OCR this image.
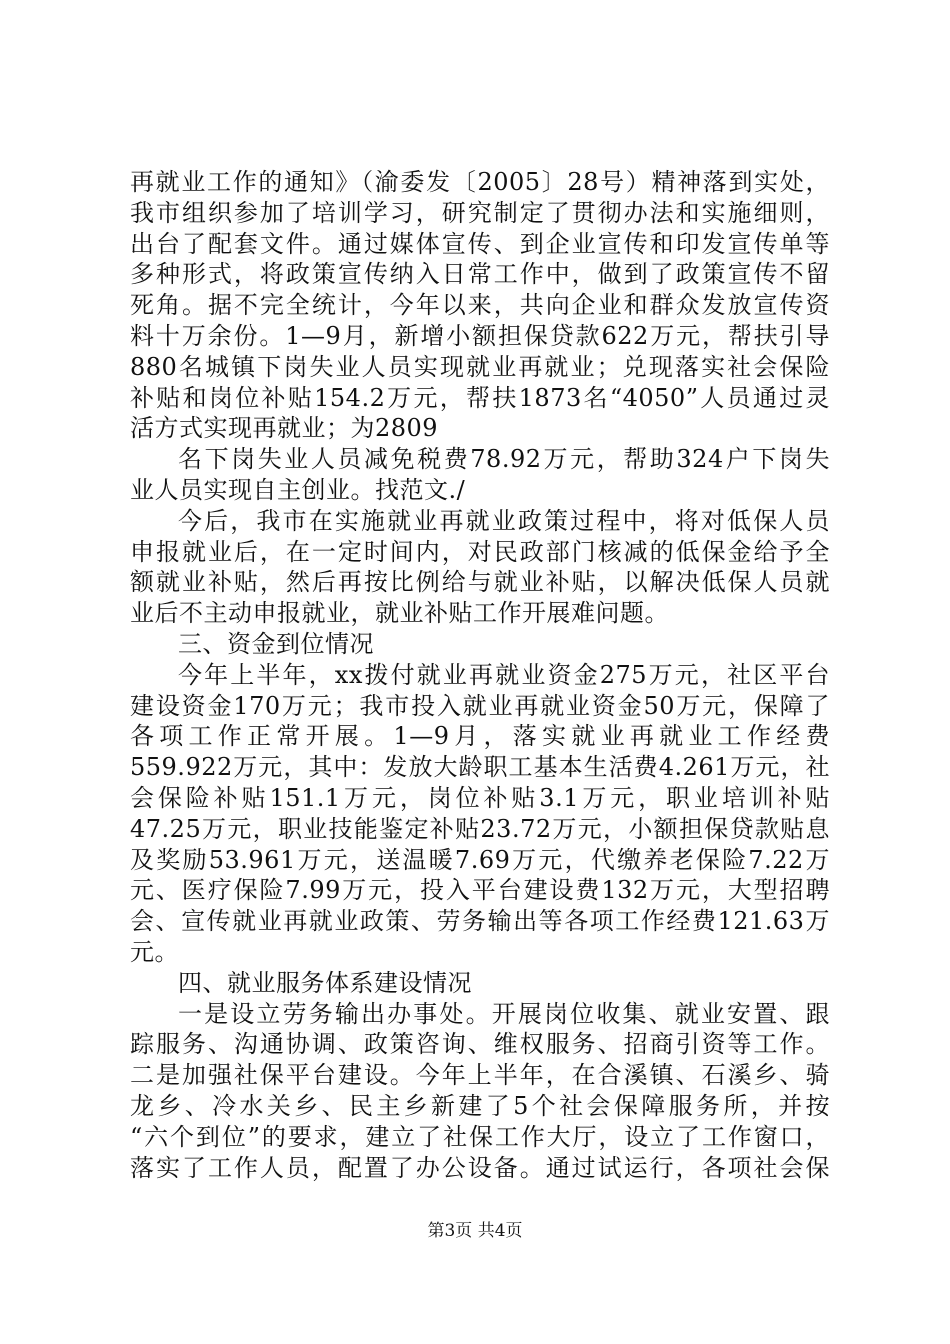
再就业工作的通知》（渝委发〔2005〕28号）精神落到实处，
我市组织参加了培训学习，研究制定了贯彻办法和实施细则，
出台了配套文件。通过媒体宣传、到企业宣传和印发宣传单等
多种形式，将政策宣传纳入日常工作中，做到了政策宣传不留
死角。据不完全统计，今年以来，共向企业和群众发放宣传资
料十万余份。1—9月，新增小额担保贷款622万元，帮扶引导
880名城镇下岗失业人员实现就业再就业；兑现落实社会保险
补贴和岗位补贴154.2万元，帮扶1873名“4050”人员通过灵
活方式实现再就业；为2809
名下岗失业人员减免税费78.92万元，帮助324户下岗失
业人员实现自主创业。找范文./
今后，我市在实施就业再就业政策过程中，将对低保人员
申报就业后，在一定时间内，对民政部门核减的低保金给予全
额就业补贴，然后再按比例给与就业补贴，以解决低保人员就
业后不主动申报就业，就业补贴工作开展难问题。
三、资金到位情况
今年上半年，xx拨付就业再就业资金275万元，社区平台
建设资金170万元；我市投入就业再就业资金50万元，保障了
各项工作正常开展。1—9月，落实就业再就业工作经费
559.922万元，其中：发放大龄职工基本生活费4.261万元，社
会保险补贴151.1万元，岗位补贴3.1万元，职业培训补贴
47.25万元，职业技能鉴定补贴23.72万元，小额担保贷款贴息
及奖励53.961万元，送温暖7.69万元，代缴养老保险7.22万
元、医疗保险7.99万元，投入平台建设费132万元，大型招聘
会、宣传就业再就业政策、劳务输出等各项工作经费121.63万
元。
四、就业服务体系建设情况
一是设立劳务输出办事处。开展岗位收集、就业安置、跟
踪服务、沟通协调、政策咨询、维权服务、招商引资等工作。
二是加强社保平台建设。今年上半年，在合溪镇、石溪乡、骑
龙乡、冷水关乡、民主乡新建了5个社会保障服务所，并按
“六个到位”的要求，建立了社保工作大厅，设立了工作窗口，
落实了工作人员，配置了办公设备。通过试运行，各项社会保
第3页 共4页
